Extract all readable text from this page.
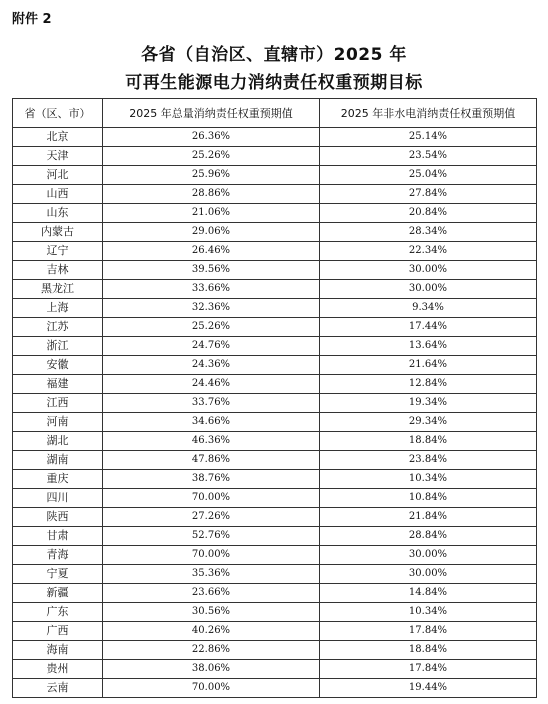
附件 2
各省（自治区、直辖市）2025 年
可再生能源电力消纳责任权重预期目标
省（区、市）	2025 年总量消纳责任权重预期值	2025 年非水电消纳责任权重预期值
北京	26.36%	25.14%
天津	25.26%	23.54%
河北	25.96%	25.04%
山西	28.86%	27.84%
山东	21.06%	20.84%
内蒙古	29.06%	28.34%
辽宁	26.46%	22.34%
吉林	39.56%	30.00%
黑龙江	33.66%	30.00%
上海	32.36%	9.34%
江苏	25.26%	17.44%
浙江	24.76%	13.64%
安徽	24.36%	21.64%
福建	24.46%	12.84%
江西	33.76%	19.34%
河南	34.66%	29.34%
湖北	46.36%	18.84%
湖南	47.86%	23.84%
重庆	38.76%	10.34%
四川	70.00%	10.84%
陕西	27.26%	21.84%
甘肃	52.76%	28.84%
青海	70.00%	30.00%
宁夏	35.36%	30.00%
新疆	23.66%	14.84%
广东	30.56%	10.34%
广西	40.26%	17.84%
海南	22.86%	18.84%
贵州	38.06%	17.84%
云南	70.00%	19.44%
